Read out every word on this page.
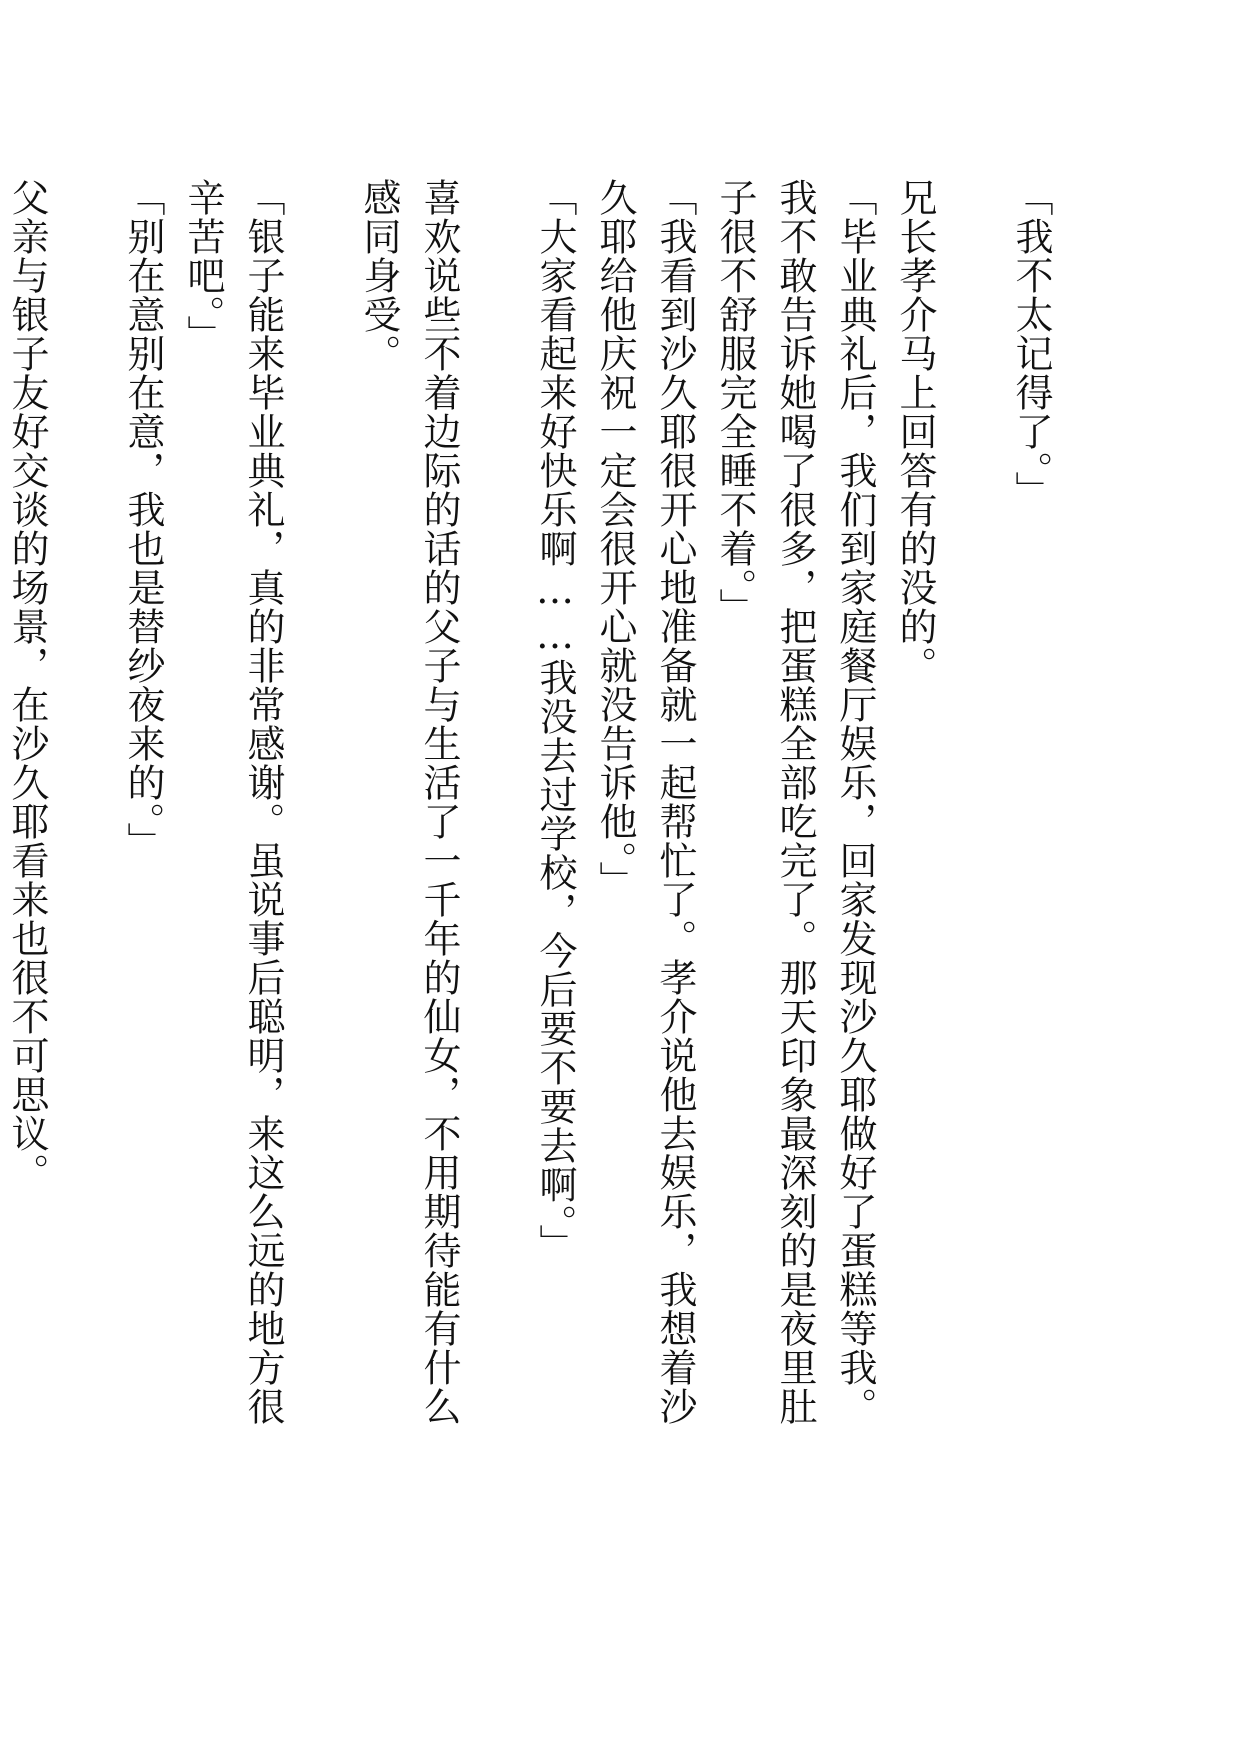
「我不太记得了。」
兄长孝介马上回答有的没的。
「毕业典礼后，我们到家庭餐厅娱乐，回家发现沙久耶做好了蛋糕等我。
我不敢告诉她喝了很多，把蛋糕全部吃完了。那天印象最深刻的是夜里肚
子很不舒服完全睡不着。」
「我看到沙久耶很开心地准备就一起帮忙了。孝介说他去娱乐，我想着沙
久耶给他庆祝一定会很开心就没告诉他。」
「大家看起来好快乐啊……我没去过学校，今后要不要去啊。」
喜欢说些不着边际的话的父子与生活了一千年的仙女，不用期待能有什么
感同身受。
「银子能来毕业典礼，真的非常感谢。虽说事后聪明，来这么远的地方很
辛苦吧。」
「别在意别在意，我也是替纱夜来的。」
父亲与银子友好交谈的场景，在沙久耶看来也很不可思议。
